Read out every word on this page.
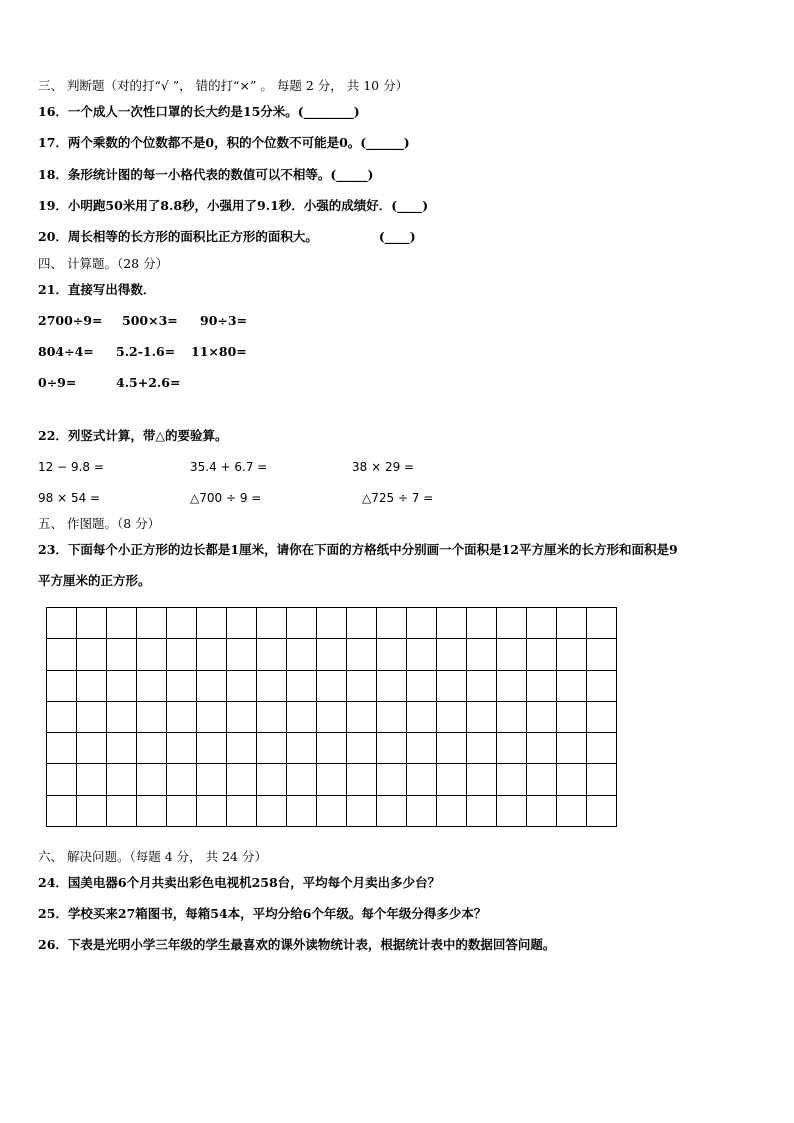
三、 判断题（对的打“√ ”， 错的打“×” 。 每题 2 分， 共 10 分）
16．一个成人一次性口罩的长大约是15分米。(________)
17．两个乘数的个位数都不是0，积的个位数不可能是0。(______)
18．条形统计图的每一小格代表的数值可以不相等。(_____)
19．小明跑50米用了8.8秒，小强用了9.1秒．小强的成绩好．(____)
20．周长相等的长方形的面积比正方形的面积大。              (____)
四、 计算题。（28 分）
21．直接写出得数．
2700÷9= 500×3= 90÷3=
804÷4= 5.2-1.6= 11×80=
0÷9=	4.5+2.6=
22．列竖式计算，带△的要验算。
12 − 9.8 =	35.4 + 6.7 =	38 × 29 =
98 × 54 =	△700 ÷ 9 =	△725 ÷ 7 =
五、 作图题。（8 分）
23．下面每个小正方形的边长都是1厘米，请你在下面的方格纸中分别画一个面积是12平方厘米的长方形和面积是9
平方厘米的正方形。

六、 解决问题。（每题 4 分， 共 24 分）
24．国美电器6个月共卖出彩色电视机258台，平均每个月卖出多少台？
25．学校买来27箱图书，每箱54本，平均分给6个年级。每个年级分得多少本？
26．下表是光明小学三年级的学生最喜欢的课外读物统计表，根据统计表中的数据回答问题。
